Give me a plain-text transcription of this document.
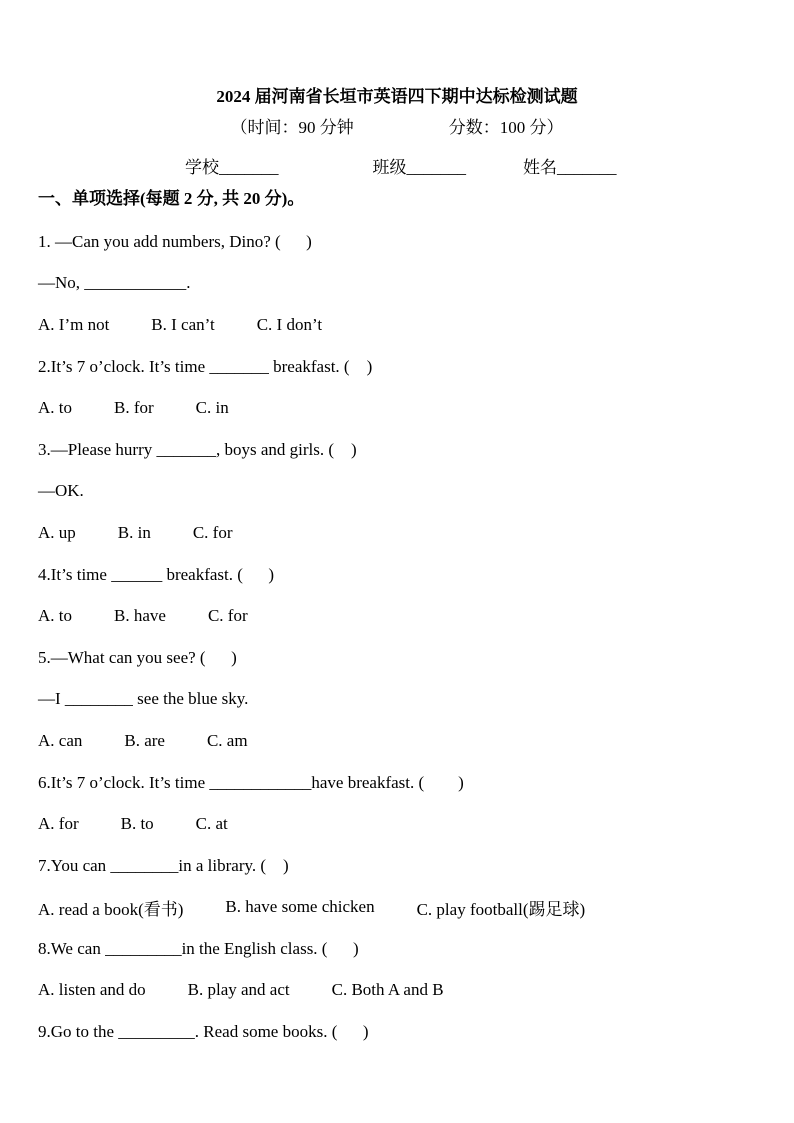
2024 届河南省长垣市英语四下期中达标检测试题
（时间：90 分钟	分数：100 分）
学校 _______	班级 _______	姓名 _______
一、单项选择(每题 2 分, 共 20 分)。
1. —Can you add numbers, Dino? (      )
—No, ____________.
A. I’m not B. I can’t C. I don’t
2.It’s 7 o’clock. It’s time _______ breakfast. (    )
A. to B. for C. in
3.—Please hurry _______, boys and girls. (    )
—OK.
A. up B. in C. for
4.It’s time ______ breakfast. (      )
A. to B. have C. for
5.—What can you see? (      )
—I ________ see the blue sky.
A. can B. are C. am
6.It’s 7 o’clock. It’s time ____________have breakfast. (        )
A. for B. to C. at
7.You can ________in a library. (    )
A. read a book(看书) B. have some chicken C. play football(踢足球)
8.We can _________in the English class. (      )
A. listen and do B. play and act C. Both A and B
9.Go to the _________. Read some books. (      )
